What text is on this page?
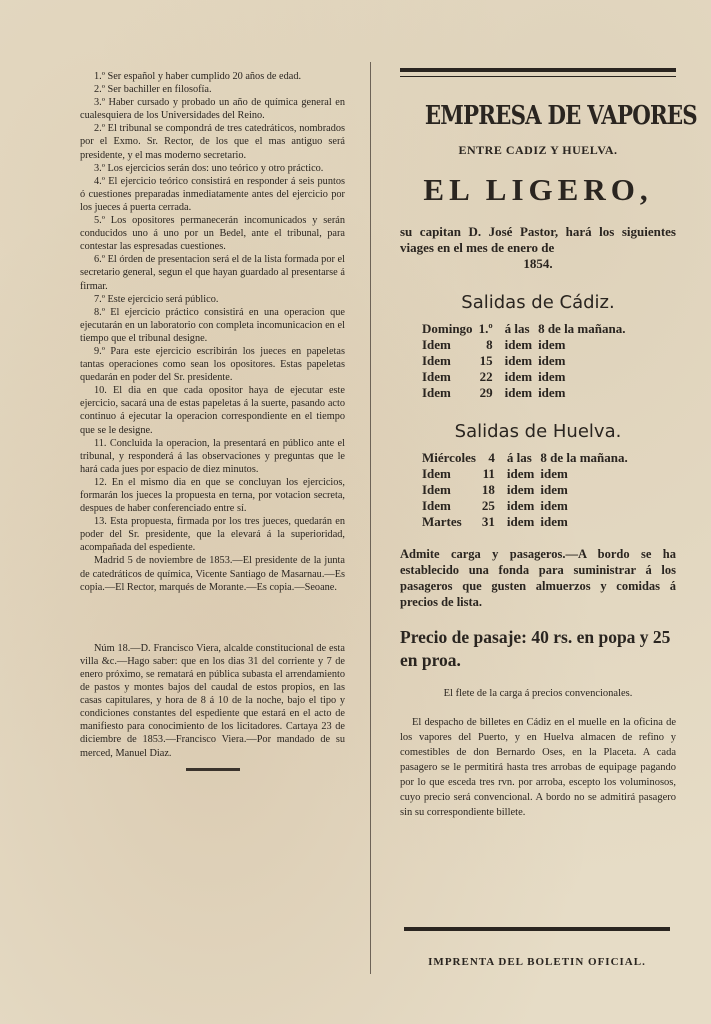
1.º Ser español y haber cumplido 20 años de edad.

2.º Ser bachiller en filosofía.

3.º Haber cursado y probado un año de química general en cualesquiera de los Universidades del Reino.

2.º El tribunal se compondrá de tres catedráticos, nombrados por el Exmo. Sr. Rector, de los que el mas antiguo será presidente, y el mas moderno secretario.

3.º Los ejercicios serán dos: uno teórico y otro práctico.

4.º El ejercicio teórico consistirá en responder á seis puntos ó cuestiones preparadas inmediatamente antes del ejercicio por los jueces á puerta cerrada.

5.º Los opositores permanecerán incomunicados y serán conducidos uno á uno por un Bedel, ante el tribunal, para contestar las espresadas cuestiones.

6.º El órden de presentacion será el de la lista formada por el secretario general, segun el que hayan guardado al presentarse á firmar.

7.º Este ejercicio será público.

8.º El ejercicio práctico consistirá en una operacion que ejecutarán en un laboratorio con completa incomunicacion en el tiempo que el tribunal designe.

9.º Para este ejercicio escribirán los jueces en papeletas tantas operaciones como sean los opositores. Estas papeletas quedarán en poder del Sr. presidente.

10. El dia en que cada opositor haya de ejecutar este ejercicio, sacará una de estas papeletas á la suerte, pasando acto continuo á ejecutar la operacion correspondiente en el tiempo que se le designe.

11. Concluida la operacion, la presentará en público ante el tribunal, y responderá á las observaciones y preguntas que le hará cada jues por espacio de diez minutos.

12. En el mismo dia en que se concluyan los ejercicios, formarán los jueces la propuesta en terna, por votacion secreta, despues de haber conferenciado entre sí.

13. Esta propuesta, firmada por los tres jueces, quedarán en poder del Sr. presidente, que la elevará á la superioridad, acompañada del espediente.

Madrid 5 de noviembre de 1853.—El presidente de la junta de catedráticos de química, Vicente Santiago de Masarnau.—Es copia.—El Rector, marqués de Morante.—Es copia.—Seoane.

Núm 18.—D. Francisco Viera, alcalde constitucional de esta villa &c.—Hago saber: que en los dias 31 del corriente y 7 de enero próximo, se rematará en pública subasta el arrendamiento de pastos y montes bajos del caudal de estos propios, en las casas capitulares, y hora de 8 á 10 de la noche, bajo el tipo y condiciones constantes del espediente que estará en el acto de manifiesto para conocimiento de los licitadores. Cartaya 23 de diciembre de 1853.—Francisco Viera.—Por mandado de su merced, Manuel Diaz.

EMPRESA DE VAPORES
ENTRE CADIZ Y HUELVA.
EL LIGERO,
su capitan D. José Pastor, hará los siguientes viages en el mes de enero de
1854.
Salidas de Cádiz.
Domingo	1.º	á las	8 de la mañana.
Idem	8	idem	idem
Idem	15	idem	idem
Idem	22	idem	idem
Idem	29	idem	idem
Salidas de Huelva.
Miércoles	4	á las	8 de la mañana.
Idem	11	idem	idem
Idem	18	idem	idem
Idem	25	idem	idem
Martes	31	idem	idem
Admite carga y pasageros.—A bordo se ha establecido una fonda para suministrar á los pasageros que gusten almuerzos y comidas á precios de lista.
Precio de pasaje: 40 rs. en popa y 25 en proa.
El flete de la carga á precios convencionales.
El despacho de billetes en Cádiz en el muelle en la oficina de los vapores del Puerto, y en Huelva almacen de refino y comestibles de don Bernardo Oses, en la Placeta. A cada pasagero se le permitirá hasta tres arrobas de equipage pagando por lo que esceda tres rvn. por arroba, escepto los voluminosos, cuyo precio será convencional. A bordo no se admitirá pasagero sin su correspondiente billete.
IMPRENTA DEL BOLETIN OFICIAL.
